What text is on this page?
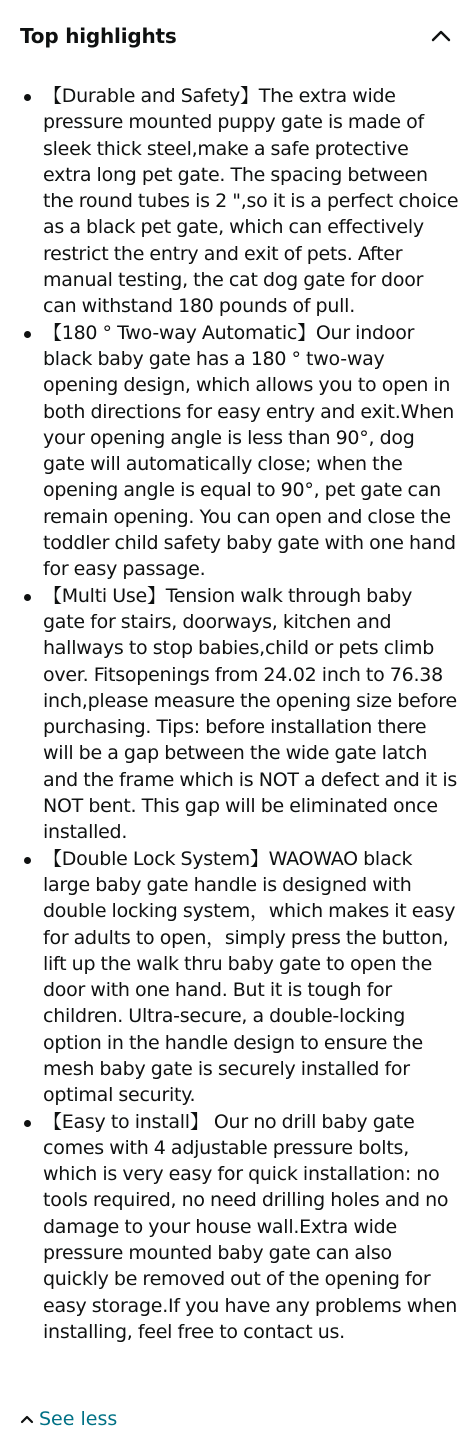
Top highlights
【Durable and Safety】The extra wide pressure mounted puppy gate is made of sleek thick steel,make a safe protective extra long pet gate. The spacing between the round tubes is 2 ",so it is a perfect choice as a black pet gate, which can effectively restrict the entry and exit of pets. After manual testing, the cat dog gate for door can withstand 180 pounds of pull.
【180 ° Two-way Automatic】Our indoor black baby gate has a 180 ° two-way opening design, which allows you to open in both directions for easy entry and exit.When your opening angle is less than 90°, dog gate will automatically close; when the opening angle is equal to 90°, pet gate can remain opening. You can open and close the toddler child safety baby gate with one hand for easy passage.
【Multi Use】Tension walk through baby gate for stairs, doorways, kitchen and hallways to stop babies,child or pets climb over. Fitsopenings from 24.02 inch to 76.38 inch,please measure the opening size before purchasing. Tips: before installation there will be a gap between the wide gate latch and the frame which is NOT a defect and it is NOT bent. This gap will be eliminated once installed.
【Double Lock System】WAOWAO black large baby gate handle is designed with double locking system，which makes it easy for adults to open，simply press the button, lift up the walk thru baby gate to open the door with one hand. But it is tough for children. Ultra-secure, a double-locking option in the handle design to ensure the mesh baby gate is securely installed for optimal security.
【Easy to install】 Our no drill baby gate comes with 4 adjustable pressure bolts, which is very easy for quick installation: no tools required, no need drilling holes and no damage to your house wall.Extra wide pressure mounted baby gate can also quickly be removed out of the opening for easy storage.If you have any problems when installing, feel free to contact us.
See less
